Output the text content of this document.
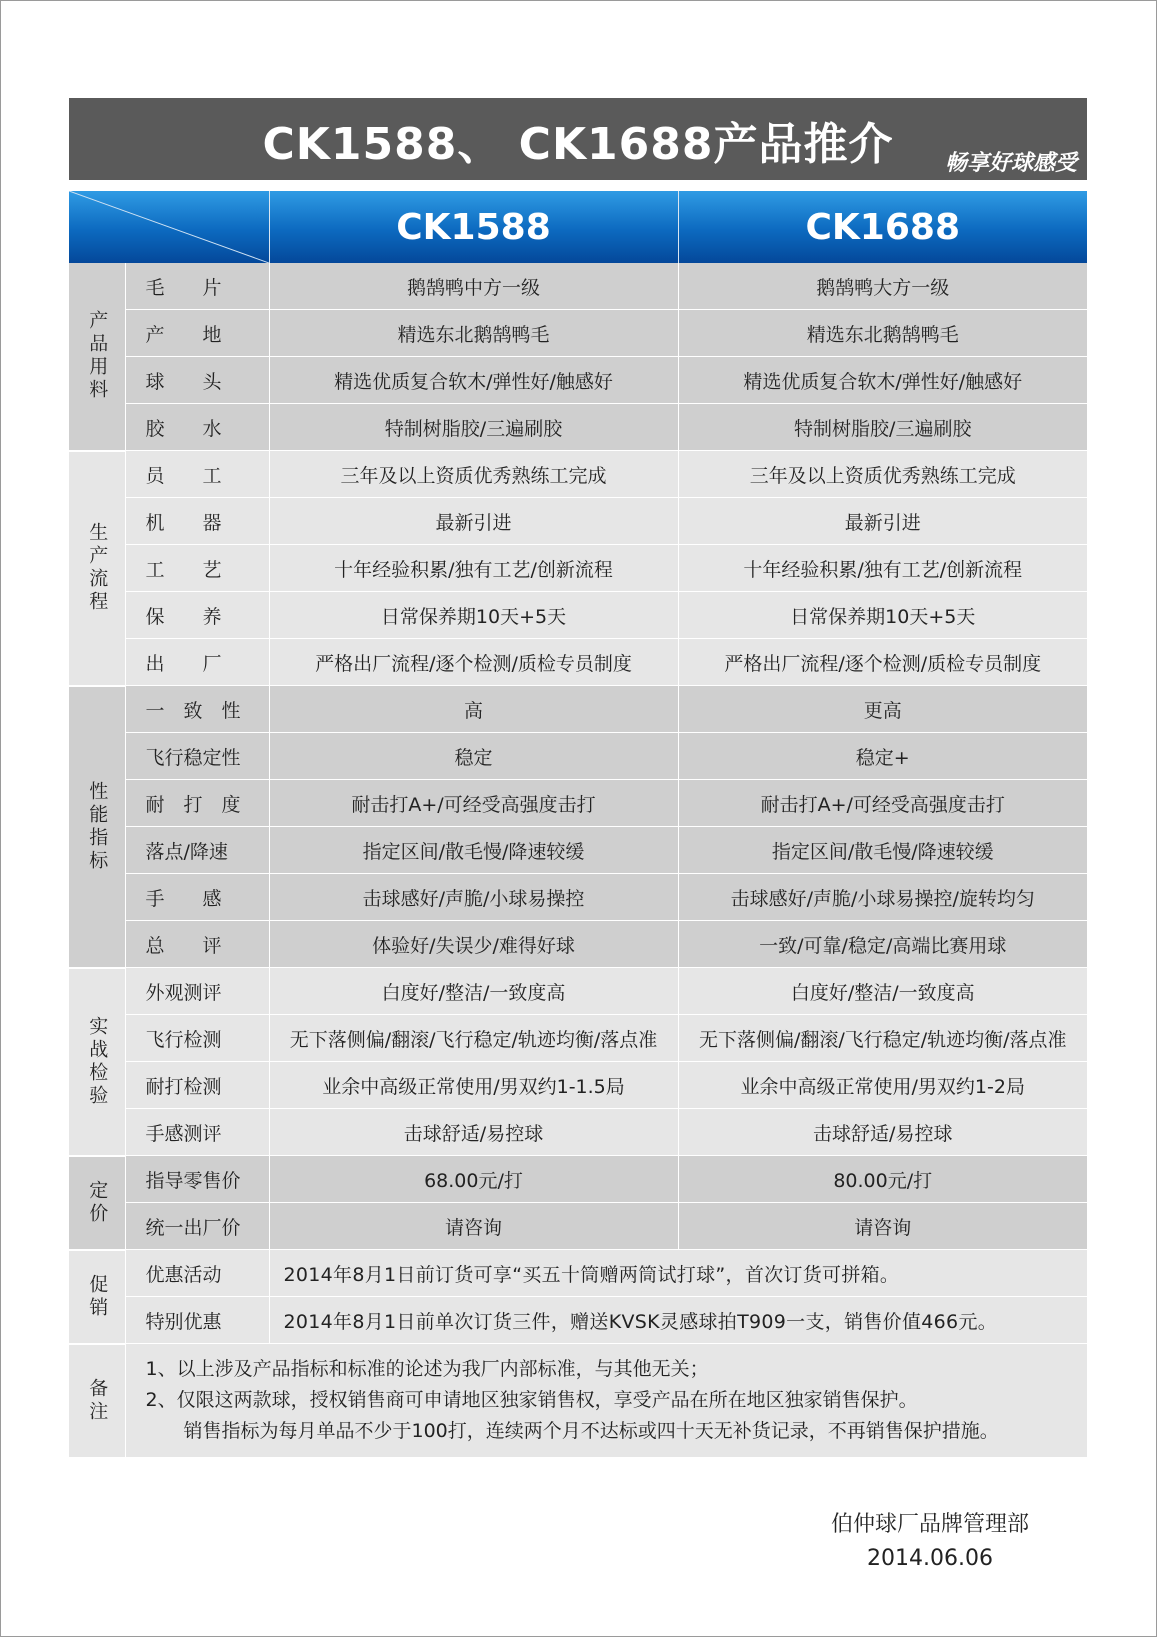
CK1588、 CK1688产品推介	畅享好球感受
	CK1588	CK1688
产品用料	毛　　片	鹅鹄鸭中方一级	鹅鹄鸭大方一级
	产　　地	精选东北鹅鹄鸭毛	精选东北鹅鹄鸭毛
	球　　头	精选优质复合软木/弹性好/触感好	精选优质复合软木/弹性好/触感好
	胶　　水	特制树脂胶/三遍刷胶	特制树脂胶/三遍刷胶
生产流程	员　　工	三年及以上资质优秀熟练工完成	三年及以上资质优秀熟练工完成
	机　　器	最新引进	最新引进
	工　　艺	十年经验积累/独有工艺/创新流程	十年经验积累/独有工艺/创新流程
	保　　养	日常保养期10天+5天	日常保养期10天+5天
	出　　厂	严格出厂流程/逐个检测/质检专员制度	严格出厂流程/逐个检测/质检专员制度
性能指标	一　致　性	高	更高
	飞行稳定性	稳定	稳定+
	耐　打　度	耐击打A+/可经受高强度击打	耐击打A+/可经受高强度击打
	落点/降速	指定区间/散毛慢/降速较缓	指定区间/散毛慢/降速较缓
	手　　感	击球感好/声脆/小球易操控	击球感好/声脆/小球易操控/旋转均匀
	总　　评	体验好/失误少/难得好球	一致/可靠/稳定/高端比赛用球
实战检验	外观测评	白度好/整洁/一致度高	白度好/整洁/一致度高
	飞行检测	无下落侧偏/翻滚/飞行稳定/轨迹均衡/落点准	无下落侧偏/翻滚/飞行稳定/轨迹均衡/落点准
	耐打检测	业余中高级正常使用/男双约1-1.5局	业余中高级正常使用/男双约1-2局
	手感测评	击球舒适/易控球	击球舒适/易控球
定价	指导零售价	68.00元/打	80.00元/打
	统一出厂价	请咨询	请咨询
促销	优惠活动	2014年8月1日前订货可享“买五十筒赠两筒试打球”，首次订货可拼箱。	
	特别优惠	2014年8月1日前单次订货三件，赠送KVSK灵感球拍T909一支，销售价值466元。	
备注	1、以上涉及产品指标和标准的论述为我厂内部标准，与其他无关；
2、仅限这两款球，授权销售商可申请地区独家销售权，享受产品在所在地区独家销售保护。
　　销售指标为每月单品不少于100打，连续两个月不达标或四十天无补货记录，不再销售保护措施。		
伯仲球厂品牌管理部
2014.06.06
